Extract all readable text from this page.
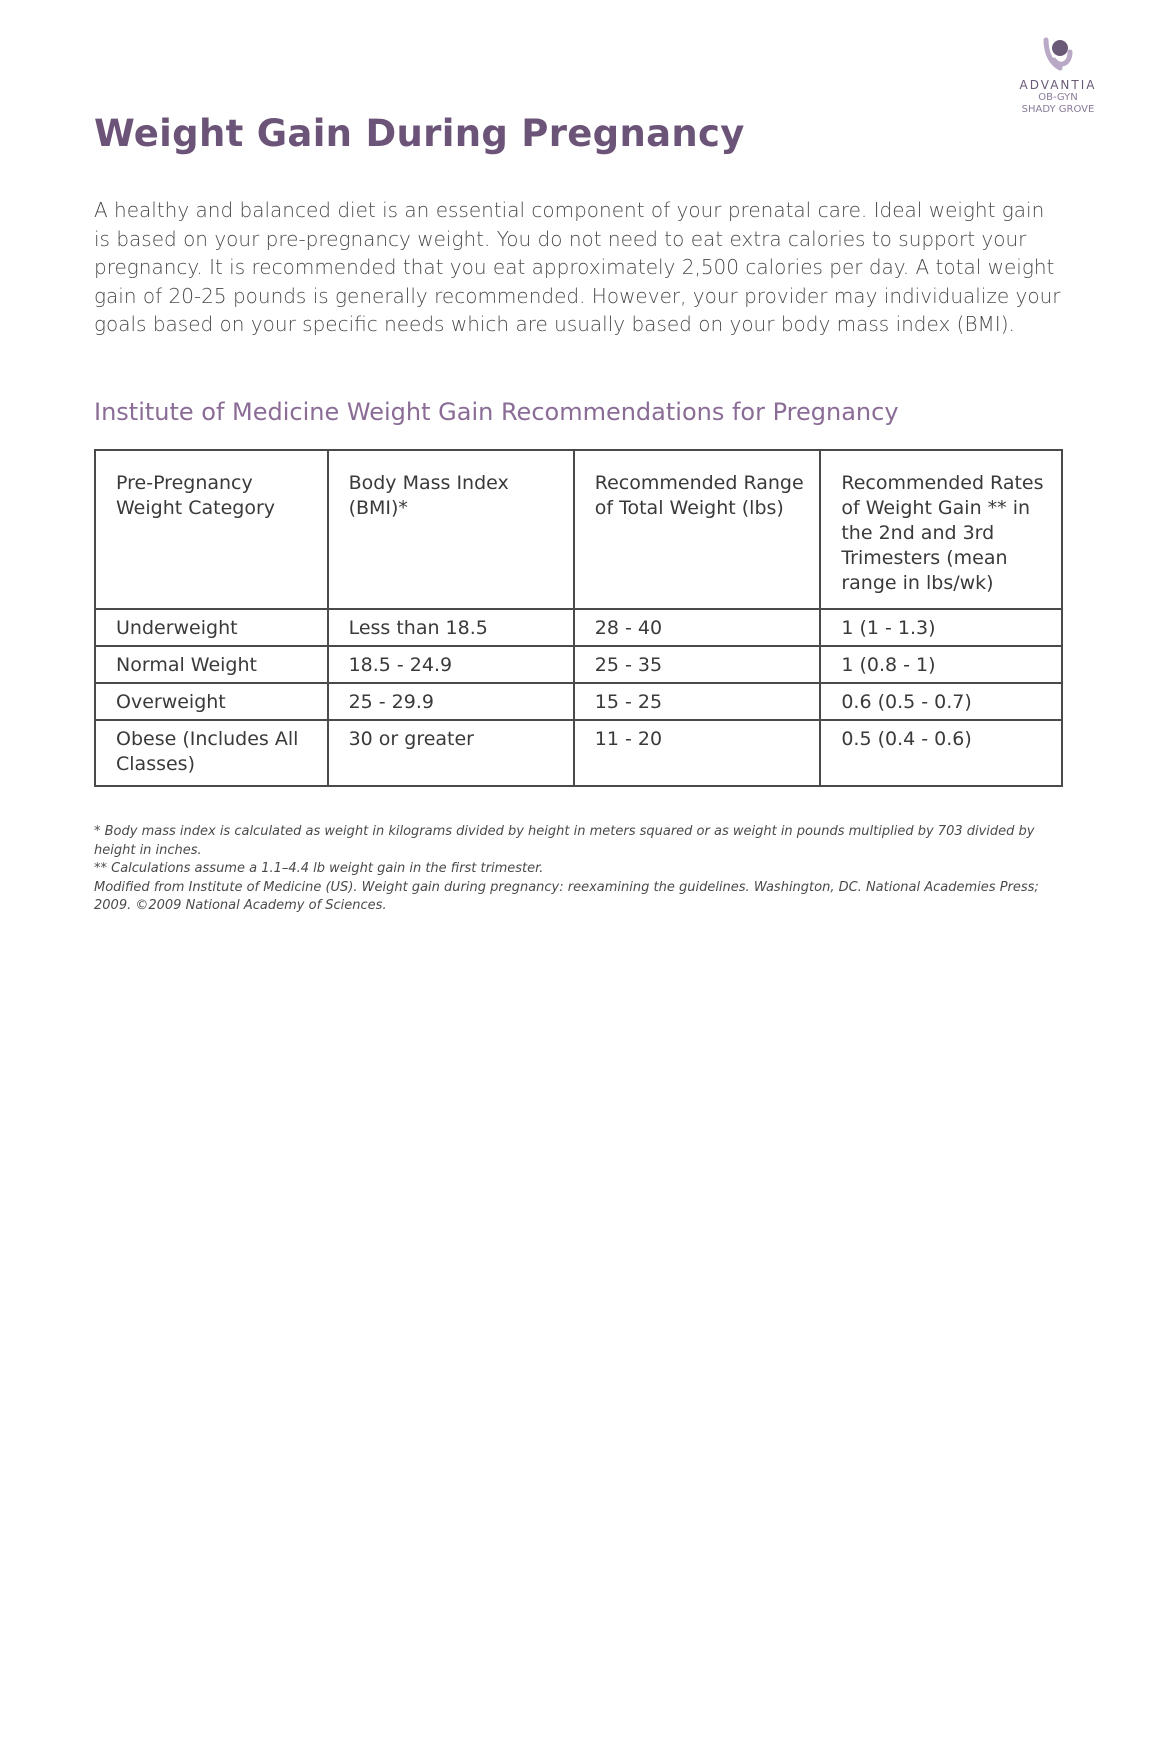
ADVANTIA
OB-GYN
SHADY GROVE
Weight Gain During Pregnancy

A healthy and balanced diet is an essential component of your prenatal care. Ideal weight gain is based on your pre-pregnancy weight. You do not need to eat extra calories to support your pregnancy. It is recommended that you eat approximately 2,500 calories per day. A total weight gain of 20-25 pounds is generally recommended. However, your provider may individualize your goals based on your specific needs which are usually based on your body mass index (BMI).

Institute of Medicine Weight Gain Recommendations for Pregnancy
Pre-Pregnancy Weight Category	Body Mass Index (BMI)*	Recommended Range of Total Weight (lbs)	Recommended Rates of Weight Gain ** in the 2nd and 3rd Trimesters (mean range in lbs/wk)
Underweight	Less than 18.5	28 - 40	1 (1 - 1.3)
Normal Weight	18.5 - 24.9	25 - 35	1 (0.8 - 1)
Overweight	25 - 29.9	15 - 25	0.6 (0.5 - 0.7)
Obese (Includes All Classes)	30 or greater	11 - 20	0.5 (0.4 - 0.6)

* Body mass index is calculated as weight in kilograms divided by height in meters squared or as weight in pounds multiplied by 703 divided by height in inches.

** Calculations assume a 1.1–4.4 lb weight gain in the first trimester.

Modified from Institute of Medicine (US). Weight gain during pregnancy: reexamining the guidelines. Washington, DC. National Academies Press; 2009. ©2009 National Academy of Sciences.
